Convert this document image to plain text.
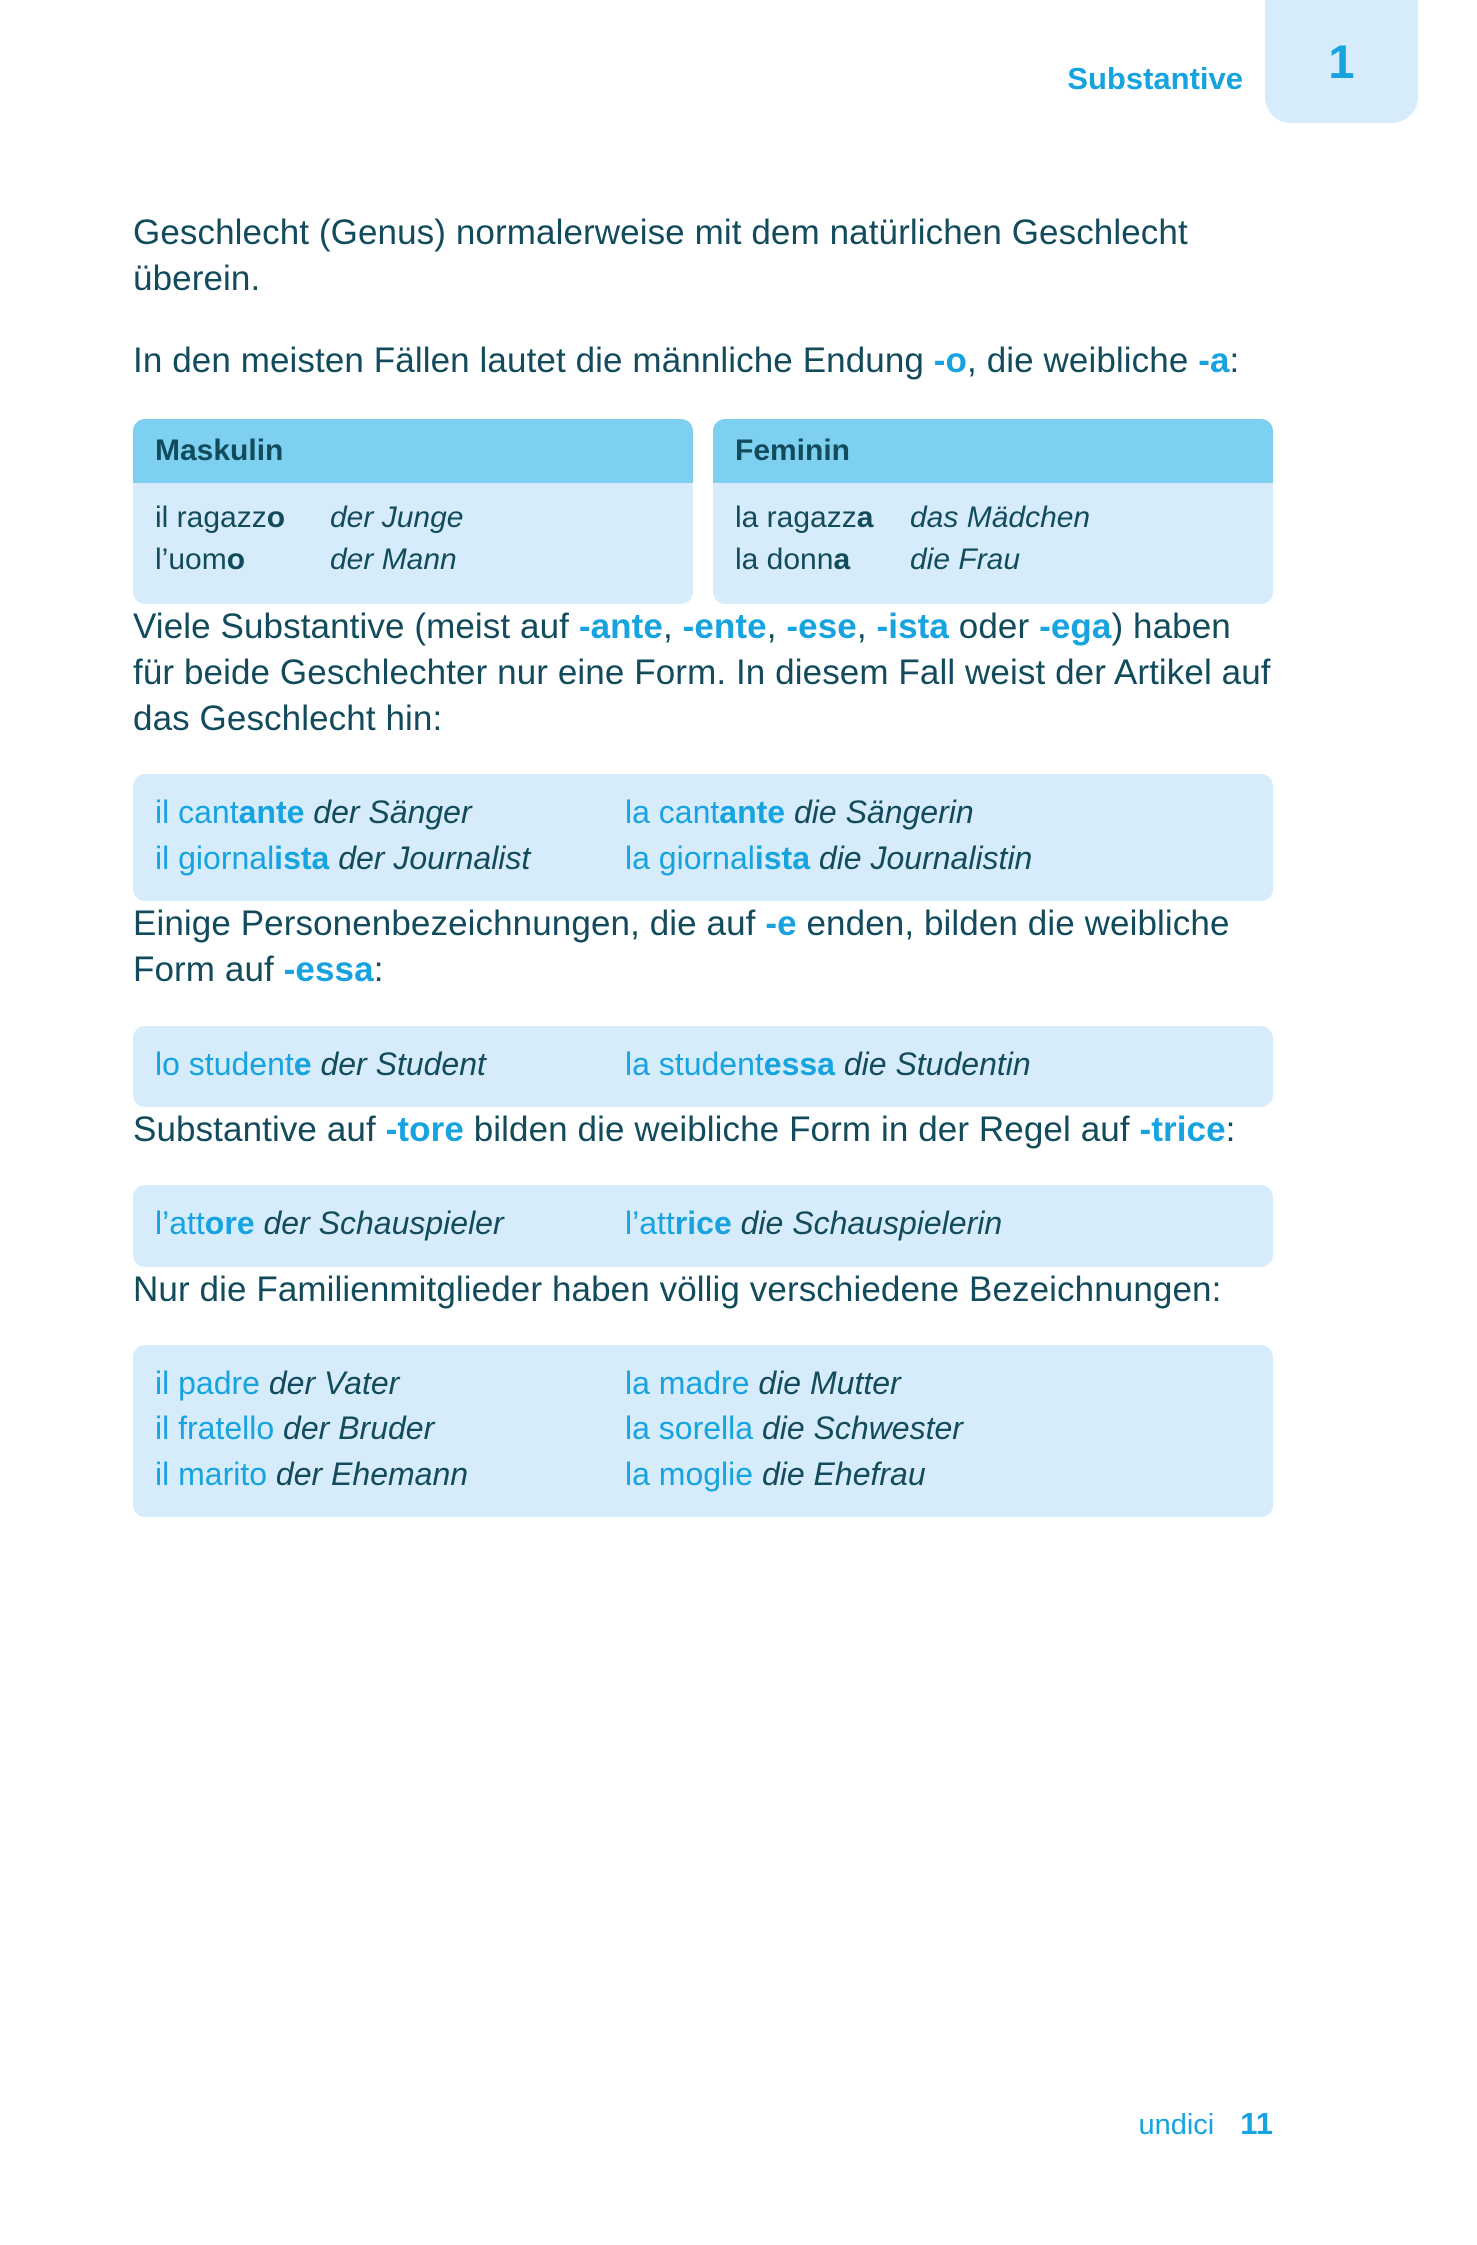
Substantive	1

Geschlecht (Genus) normalerweise mit dem natürlichen Geschlecht überein.

In den meisten Fällen lautet die männliche Endung -o, die weibliche -a:

Maskulin
il ragazzo der Junge
l’uomo	der Mann
Feminin
la ragazza das Mädchen
la donna die Frau

Viele Substantive (meist auf -ante, -ente, -ese, -ista oder -ega) haben für beide Geschlechter nur eine Form. In diesem Fall weist der Artikel auf das Geschlecht hin:

il cantante der Sänger	la cantante die Sängerin
il giornalista der Journalist	la giornalista die Journalistin

Einige Personenbezeichnungen, die auf -e enden, bilden die weibliche Form auf -essa:

lo studente der Student	la studentessa die Studentin

Substantive auf -tore bilden die weibliche Form in der Regel auf -trice:

l’attore der Schauspieler	l’attrice die Schauspielerin

Nur die Familienmitglieder haben völlig verschiedene Bezeichnungen:

il padre der Vater	la madre die Mutter
il fratello der Bruder	la sorella die Schwester
il marito der Ehemann	la moglie die Ehefrau
undici 11
